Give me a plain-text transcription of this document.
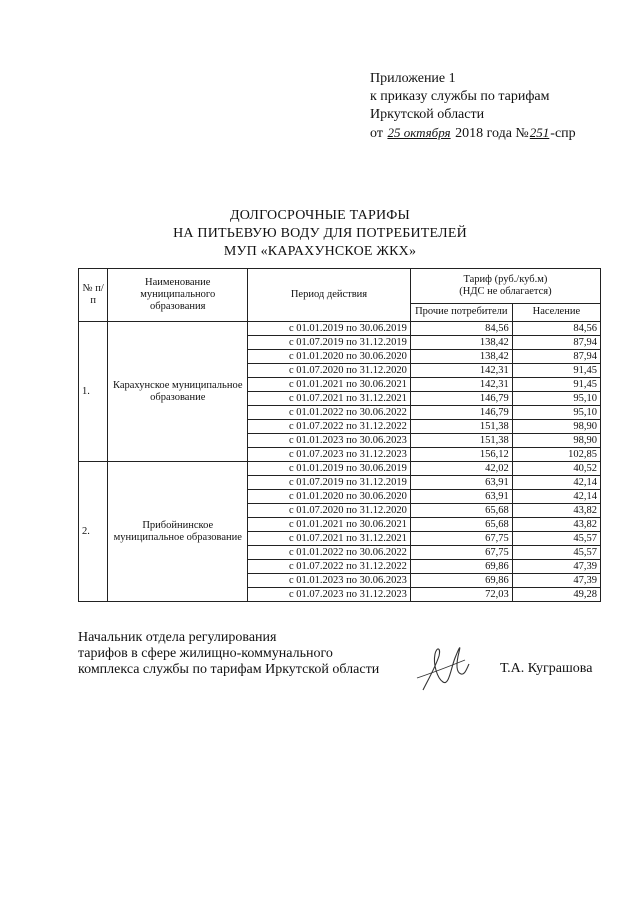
Приложение 1
к приказу службы по тарифам
Иркутской области
от 25 октября 2018 года №251-спр
ДОЛГОСРОЧНЫЕ ТАРИФЫ
НА ПИТЬЕВУЮ ВОДУ ДЛЯ ПОТРЕБИТЕЛЕЙ
МУП «КАРАХУНСКОЕ ЖКХ»
№ п/п	Наименование муниципального образования	Период действия	Тариф (руб./куб.м)
(НДС не облагается)	

			Прочие потребители	Население
1.	Карахунское муниципальное образование	с 01.01.2019 по 30.06.2019	84,56	84,56
		с 01.07.2019 по 31.12.2019	138,42	87,94
		с 01.01.2020 по 30.06.2020	138,42	87,94
		с 01.07.2020 по 31.12.2020	142,31	91,45
		с 01.01.2021 по 30.06.2021	142,31	91,45
		с 01.07.2021 по 31.12.2021	146,79	95,10
		с 01.01.2022 по 30.06.2022	146,79	95,10
		с 01.07.2022 по 31.12.2022	151,38	98,90
		с 01.01.2023 по 30.06.2023	151,38	98,90
		с 01.07.2023 по 31.12.2023	156,12	102,85
2.	Прибойнинское муниципальное образование	с 01.01.2019 по 30.06.2019	42,02	40,52
		с 01.07.2019 по 31.12.2019	63,91	42,14
		с 01.01.2020 по 30.06.2020	63,91	42,14
		с 01.07.2020 по 31.12.2020	65,68	43,82
		с 01.01.2021 по 30.06.2021	65,68	43,82
		с 01.07.2021 по 31.12.2021	67,75	45,57
		с 01.01.2022 по 30.06.2022	67,75	45,57
		с 01.07.2022 по 31.12.2022	69,86	47,39
		с 01.01.2023 по 30.06.2023	69,86	47,39
		с 01.07.2023 по 31.12.2023	72,03	49,28
Начальник отдела регулирования
тарифов в сфере жилищно-коммунального
комплекса службы по тарифам Иркутской области	Т.А. Куграшова
